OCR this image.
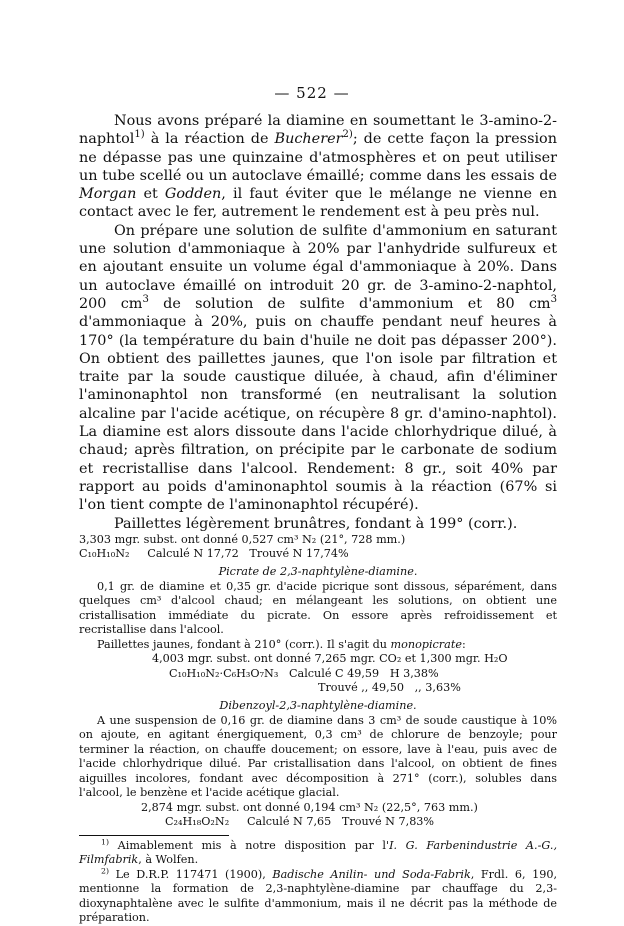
— 522 —

Nous avons préparé la diamine en soumettant le 3-amino-2-naphtol$^{1)}$ à la réaction de Bucherer$^{2)}$; de cette façon la pression ne dépasse pas une quinzaine d'atmosphères et on peut utiliser un tube scellé ou un autoclave émaillé; comme dans les essais de Morgan et Godden, il faut éviter que le mélange ne vienne en contact avec le fer, autrement le rendement est à peu près nul.

On prépare une solution de sulfite d'ammonium en saturant une solution d'ammoniaque à 20% par l'anhydride sulfureux et en ajoutant ensuite un volume égal d'ammoniaque à 20%. Dans un autoclave émaillé on introduit 20 gr. de 3-amino-2-naphtol, 200 $cm^3$ de solution de sulfite d'ammonium et 80 $cm^3$ d'ammoniaque à 20%, puis on chauffe pendant neuf heures à 170° (la température du bain d'huile ne doit pas dépasser 200°). On obtient des paillettes jaunes, que l'on isole par filtration et traite par la soude caustique diluée, à chaud, afin d'éliminer l'aminonaphtol non transformé (en neutralisant la solution alcaline par l'acide acétique, on récupère 8 gr. d'amino-naphtol). La diamine est alors dissoute dans l'acide chlorhydrique dilué, à chaud; après filtration, on précipite par le carbonate de sodium et recristallise dans l'alcool. Rendement: 8 gr., soit 40% par rapport au poids d'aminonaphtol soumis à la réaction (67% si l'on tient compte de l'aminonaphtol récupéré).

Paillettes légèrement brunâtres, fondant à 199° (corr.).

3,303 mgr. subst. ont donné 0,527 cm³ N₂ (21°, 728 mm.)
C₁₀H₁₀N₂     Calculé N 17,72   Trouvé N 17,74%
Picrate de 2,3-naphtylène-diamine.

0,1 gr. de diamine et 0,35 gr. d'acide picrique sont dissous, séparément, dans quelques cm³ d'alcool chaud; en mélangeant les solutions, on obtient une cristallisation immédiate du picrate. On essore après refroidissement et recristallise dans l'alcool.

Paillettes jaunes, fondant à 210° (corr.). Il s'agit du monopicrate:

4,003 mgr. subst. ont donné 7,265 mgr. CO₂ et 1,300 mgr. H₂O
C₁₀H₁₀N₂·C₆H₃O₇N₃   Calculé C 49,59   H 3,38%
Trouvé ,, 49,50   ,, 3,63%
Dibenzoyl-2,3-naphtylène-diamine.

A une suspension de 0,16 gr. de diamine dans 3 cm³ de soude caustique à 10% on ajoute, en agitant énergiquement, 0,3 cm³ de chlorure de benzoyle; pour terminer la réaction, on chauffe doucement; on essore, lave à l'eau, puis avec de l'acide chlorhydrique dilué. Par cristallisation dans l'alcool, on obtient de fines aiguilles incolores, fondant avec décomposition à 271° (corr.), solubles dans l'alcool, le benzène et l'acide acétique glacial.

2,874 mgr. subst. ont donné 0,194 cm³ N₂ (22,5°, 763 mm.)
C₂₄H₁₈O₂N₂     Calculé N 7,65   Trouvé N 7,83%

$^{1)}$ Aimablement mis à notre disposition par l'I. G. Farbenindustrie A.-G., Filmfabrik, à Wolfen.

$^{2)}$ Le D.R.P. 117471 (1900), Badische Anilin- und Soda-Fabrik, Frdl. 6, 190, mentionne la formation de 2,3-naphtylène-diamine par chauffage du 2,3-dioxynaphtalène avec le sulfite d'ammonium, mais il ne décrit pas la méthode de préparation.
